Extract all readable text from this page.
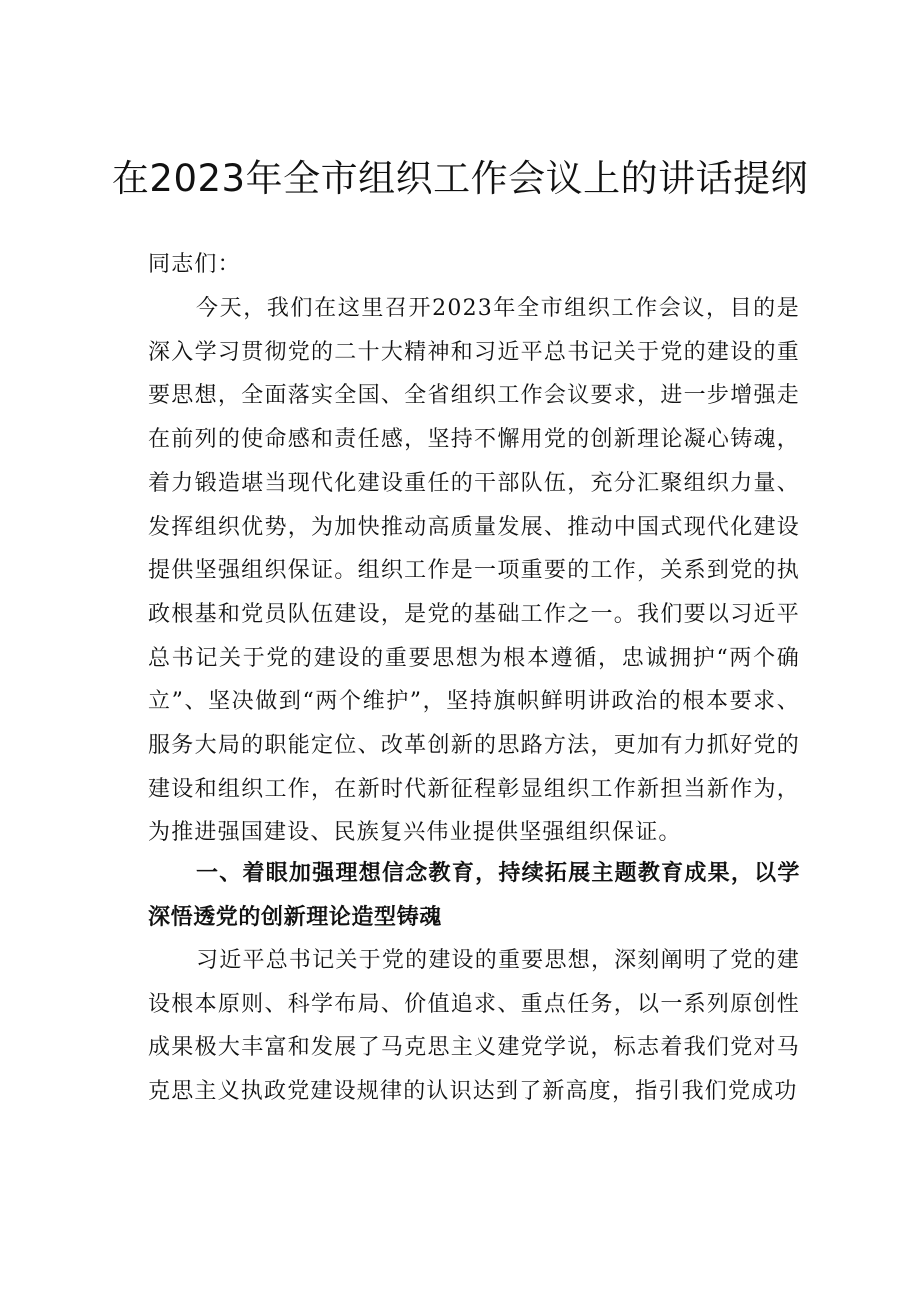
在2023年全市组织工作会议上的讲话提纲

同志们：

今天，我们在这里召开2023年全市组织工作会议，目的是深入学习贯彻党的二十大精神和习近平总书记关于党的建设的重要思想，全面落实全国、全省组织工作会议要求，进一步增强走在前列的使命感和责任感，坚持不懈用党的创新理论凝心铸魂，着力锻造堪当现代化建设重任的干部队伍，充分汇聚组织力量、发挥组织优势，为加快推动高质量发展、推动中国式现代化建设提供坚强组织保证。组织工作是一项重要的工作，关系到党的执政根基和党员队伍建设，是党的基础工作之一。我们要以习近平总书记关于党的建设的重要思想为根本遵循，忠诚拥护“两个确立”、坚决做到“两个维护”，坚持旗帜鲜明讲政治的根本要求、服务大局的职能定位、改革创新的思路方法，更加有力抓好党的建设和组织工作，在新时代新征程彰显组织工作新担当新作为，为推进强国建设、民族复兴伟业提供坚强组织保证。

一、着眼加强理想信念教育，持续拓展主题教育成果，以学深悟透党的创新理论造型铸魂

习近平总书记关于党的建设的重要思想，深刻阐明了党的建设根本原则、科学布局、价值追求、重点任务，以一系列原创性成果极大丰富和发展了马克思主义建党学说，标志着我们党对马克思主义执政党建设规律的认识达到了新高度，指引我们党成功
